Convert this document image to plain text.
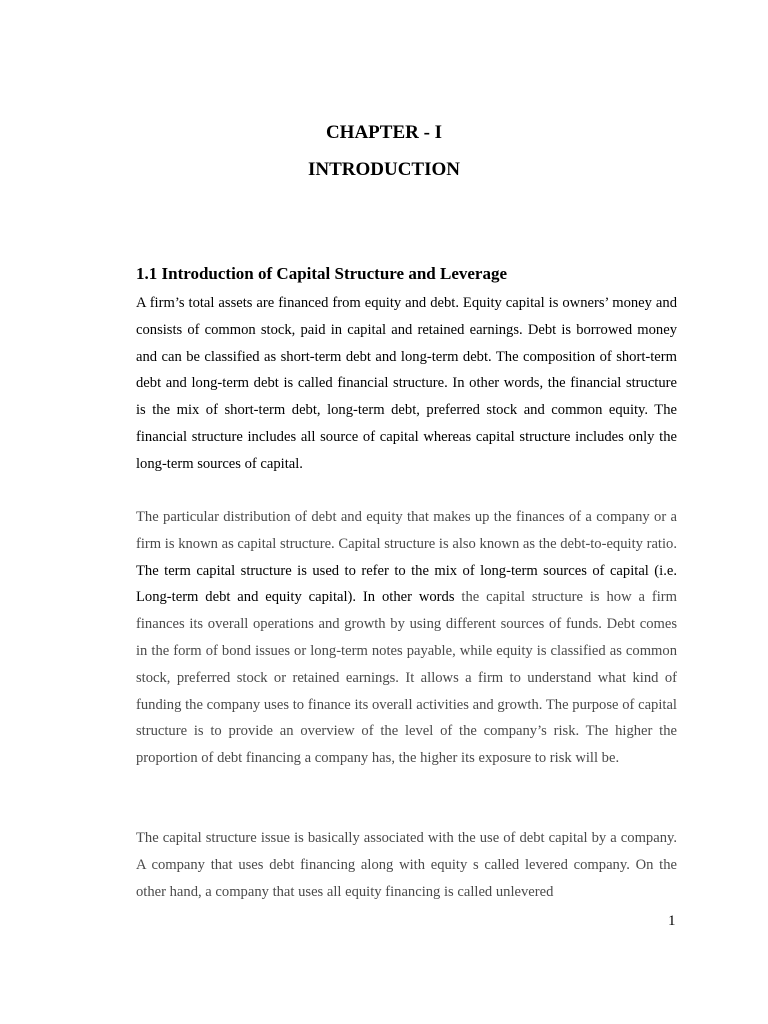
CHAPTER - I
INTRODUCTION
1.1 Introduction of Capital Structure and Leverage

A firm’s total assets are financed from equity and debt. Equity capital is owners’ money and consists of common stock, paid in capital and retained earnings. Debt is borrowed money and can be classified as short-term debt and long-term debt. The composition of short-term debt and long-term debt is called financial structure. In other words, the financial structure is the mix of short-term debt, long-term debt, preferred stock and common equity. The financial structure includes all source of capital whereas capital structure includes only the long-term sources of capital.

The particular distribution of debt and equity that makes up the finances of a company or a firm is known as capital structure. Capital structure is also known as the debt-to-equity ratio. The term capital structure is used to refer to the mix of long-term sources of capital (i.e. Long-term debt and equity capital). In other words the capital structure is how a firm finances its overall operations and growth by using different sources of funds. Debt comes in the form of bond issues or long-term notes payable, while equity is classified as common stock, preferred stock or retained earnings. It allows a firm to understand what kind of funding the company uses to finance its overall activities and growth. The purpose of capital structure is to provide an overview of the level of the company’s risk. The higher the proportion of debt financing a company has, the higher its exposure to risk will be.

The capital structure issue is basically associated with the use of debt capital by a company. A company that uses debt financing along with equity s called levered company. On the other hand, a company that uses all equity financing is called unlevered

1
